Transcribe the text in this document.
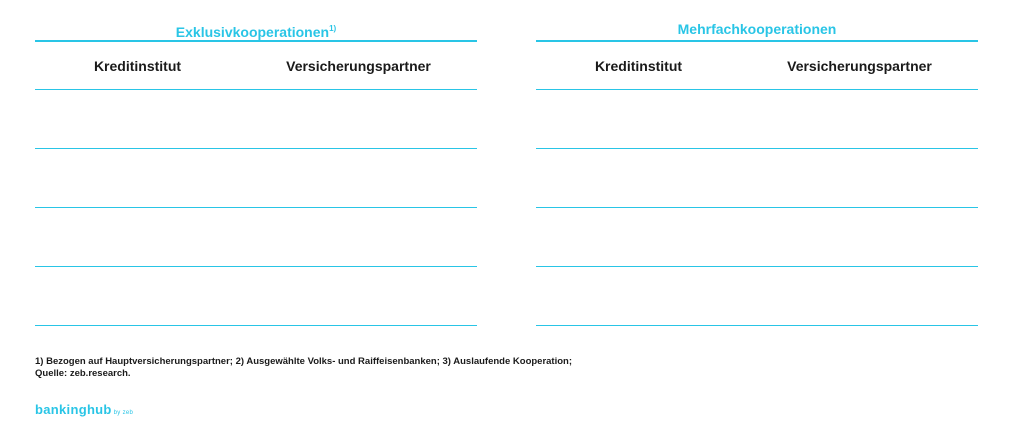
Exklusivkooperationen$^{1)}$
Kreditinstitut	Versicherungspartner
Mehrfachkooperationen
Kreditinstitut	Versicherungspartner
1) Bezogen auf Hauptversicherungspartner; 2) Ausgewählte Volks- und Raiffeisenbanken; 3) Auslaufende Kooperation;
Quelle: zeb.research.
bankinghub by zeb
